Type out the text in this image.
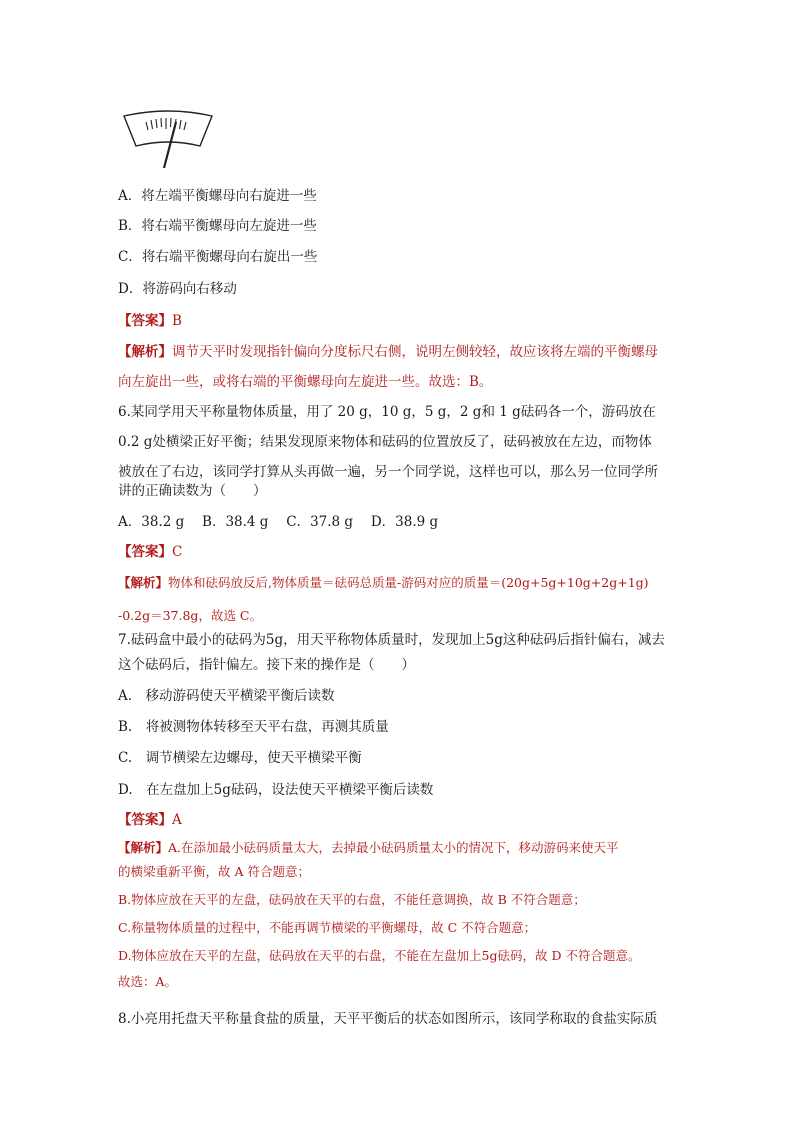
A．将左端平衡螺母向右旋进一些
B．将右端平衡螺母向左旋进一些
C．将右端平衡螺母向右旋出一些
D．将游码向右移动
【答案】B
【解析】调节天平时发现指针偏向分度标尺右侧，说明左侧较轻，故应该将左端的平衡螺母
向左旋出一些，或将右端的平衡螺母向左旋进一些。故选：B。
6.某同学用天平称量物体质量，用了 20 g，10 g，5 g，2 g和 1 g砝码各一个，游码放在
0.2 g处横梁正好平衡；结果发现原来物体和砝码的位置放反了，砝码被放在左边，而物体
被放在了右边，该同学打算从头再做一遍，另一个同学说，这样也可以，那么另一位同学所
讲的正确读数为（　　）
A．38.2 g　 B．38.4 g　 C．37.8 g　 D．38.9 g
【答案】C
【解析】物体和砝码放反后,物体质量＝砝码总质量-游码对应的质量＝(20g+5g+10g+2g+1g)
-0.2g＝37.8g，故选 C。
7.砝码盒中最小的砝码为5g，用天平称物体质量时，发现加上5g这种砝码后指针偏右，减去
这个砝码后，指针偏左。接下来的操作是（　　）
A.　移动游码使天平横梁平衡后读数
B.　将被测物体转移至天平右盘，再测其质量
C.　调节横梁左边螺母，使天平横梁平衡
D.　在左盘加上5g砝码，设法使天平横梁平衡后读数
【答案】A
【解析】A.在添加最小砝码质量太大，去掉最小砝码质量太小的情况下，移动游码来使天平
的横梁重新平衡，故 A 符合题意；
B.物体应放在天平的左盘，砝码放在天平的右盘，不能任意调换，故 B 不符合题意；
C.称量物体质量的过程中，不能再调节横梁的平衡螺母，故 C 不符合题意；
D.物体应放在天平的左盘，砝码放在天平的右盘，不能在左盘加上5g砝码，故 D 不符合题意。
故选：A。
8.小亮用托盘天平称量食盐的质量，天平平衡后的状态如图所示，该同学称取的食盐实际质
